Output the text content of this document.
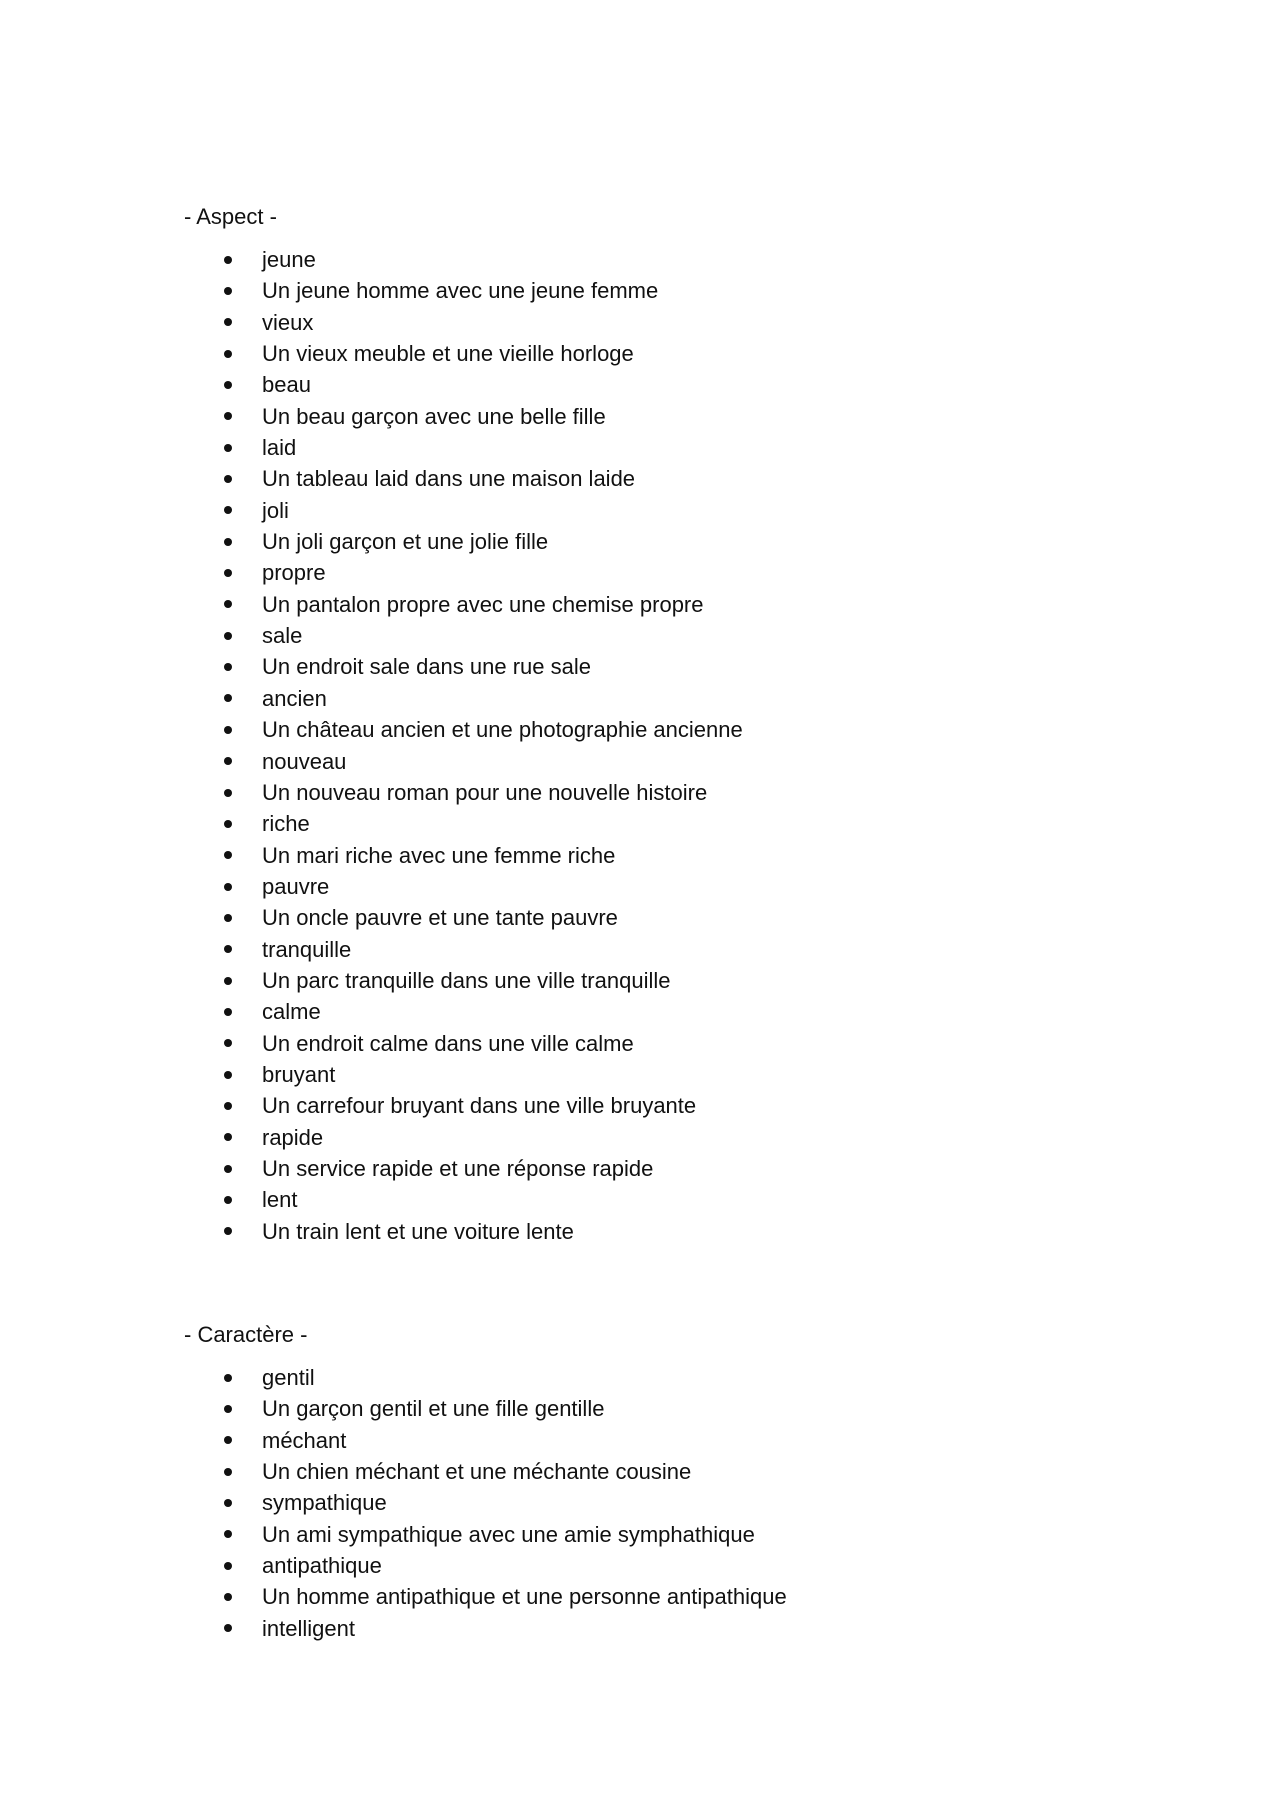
- Aspect -
jeune
Un jeune homme avec une jeune femme
vieux
Un vieux meuble et une vieille horloge
beau
Un beau garçon avec une belle fille
laid
Un tableau laid dans une maison laide
joli
Un joli garçon et une jolie fille
propre
Un pantalon propre avec une chemise propre
sale
Un endroit sale dans une rue sale
ancien
Un château ancien et une photographie ancienne
nouveau
Un nouveau roman pour une nouvelle histoire
riche
Un mari riche avec une femme riche
pauvre
Un oncle pauvre et une tante pauvre
tranquille
Un parc tranquille dans une ville tranquille
calme
Un endroit calme dans une ville calme
bruyant
Un carrefour bruyant dans une ville bruyante
rapide
Un service rapide et une réponse rapide
lent
Un train lent et une voiture lente
- Caractère -
gentil
Un garçon gentil et une fille gentille
méchant
Un chien méchant et une méchante cousine
sympathique
Un ami sympathique avec une amie symphathique
antipathique
Un homme antipathique et une personne antipathique
intelligent
